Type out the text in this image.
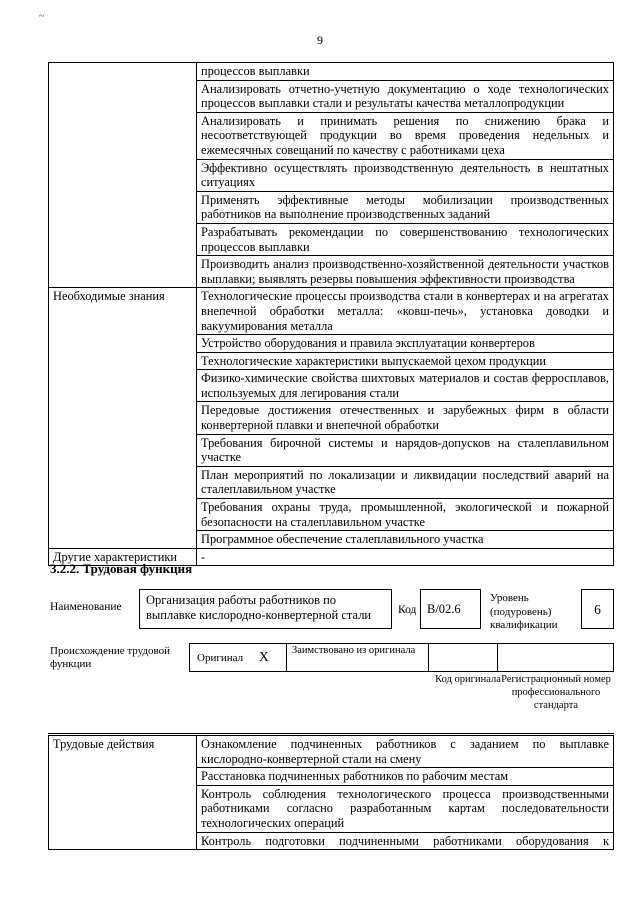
~
9
	процессов выплавки
	Анализировать отчетно-учетную документацию о ходе технологических процессов выплавки стали и результаты качества металлопродукции
	Анализировать и принимать решения по снижению брака и несоответствующей продукции во время проведения недельных и ежемесячных совещаний по качеству с работниками цеха
	Эффективно осуществлять производственную деятельность в нештатных ситуациях
	Применять эффективные методы мобилизации производственных работников на выполнение производственных заданий
	Разрабатывать рекомендации по совершенствованию технологических процессов выплавки
	Производить анализ производственно-хозяйственной деятельности участков выплавки; выявлять резервы повышения эффективности производства
Необходимые знания	Технологические процессы производства стали в конвертерах и на агрегатах внепечной обработки металла: «ковш-печь», установка доводки и вакуумирования металла
	Устройство оборудования и правила эксплуатации конвертеров
	Технологические характеристики выпускаемой цехом продукции
	Физико-химические свойства шихтовых материалов и состав ферросплавов, используемых для легирования стали
	Передовые достижения отечественных и зарубежных фирм в области конвертерной плавки и внепечной обработки
	Требования бирочной системы и нарядов-допусков на сталеплавильном участке
	План мероприятий по локализации и ликвидации последствий аварий на сталеплавильном участке
	Требования охраны труда, промышленной, экологической и пожарной безопасности на сталеплавильном участке
	Программное обеспечение сталеплавильного участка
Другие характеристики	-
3.2.2. Трудовая функция
Наименование	Организация работы работников по выплавке кислородно-конвертерной стали	Код B/02.6
Уровень (подуровень) квалификации
6
Происхождение трудовой функции	Оригинал X Заимствовано из оригинала
Код оригинала Регистрационный номер профессионального стандарта
Трудовые действия	Ознакомление подчиненных работников с заданием по выплавке кислородно-конвертерной стали на смену
Расстановка подчиненных работников по рабочим местам
Контроль соблюдения технологического процесса производственными работниками согласно разработанным картам последовательности технологических операций
Контроль подготовки подчиненными работниками оборудования к
